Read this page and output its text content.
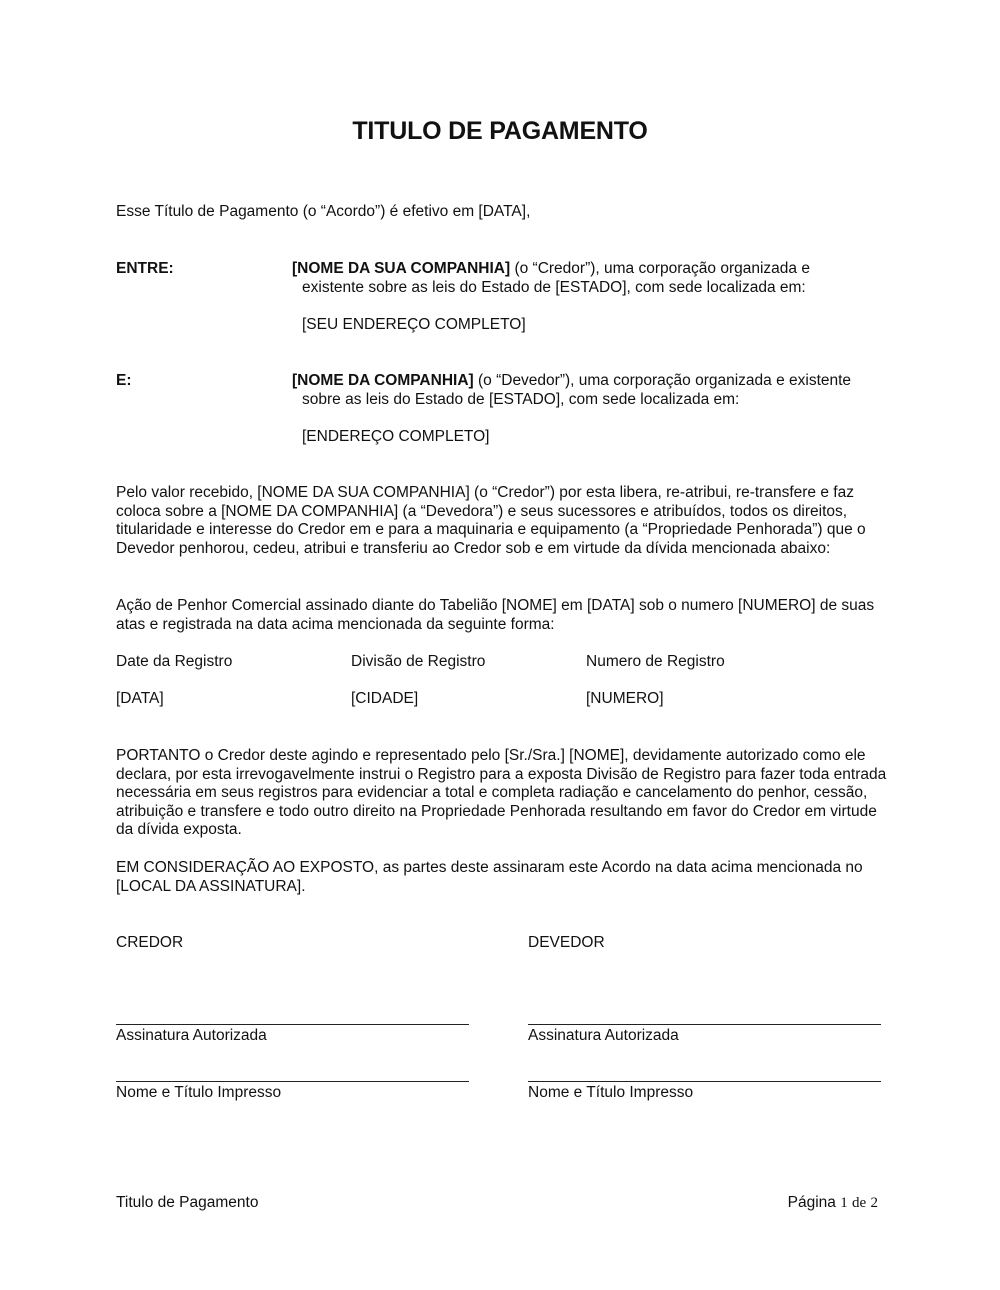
TITULO DE PAGAMENTO
Esse Título de Pagamento (o “Acordo”) é efetivo em [DATA],
ENTRE:	[NOME DA SUA COMPANHIA] (o “Credor”), uma corporação organizada e
existente sobre as leis do Estado de [ESTADO], com sede localizada em:
[SEU ENDEREÇO COMPLETO]
E:	[NOME DA COMPANHIA] (o “Devedor”), uma corporação organizada e existente
sobre as leis do Estado de [ESTADO], com sede localizada em:
[ENDEREÇO COMPLETO]
Pelo valor recebido, [NOME DA SUA COMPANHIA] (o “Credor”) por esta libera, re-atribui, re-transfere e faz coloca sobre a [NOME DA COMPANHIA] (a “Devedora”) e seus sucessores e atribuídos, todos os direitos, titularidade e interesse do Credor em e para a maquinaria e equipamento (a “Propriedade Penhorada”) que o Devedor penhorou, cedeu, atribui e transferiu ao Credor sob e em virtude da dívida mencionada abaixo:
Ação de Penhor Comercial assinado diante do Tabelião [NOME] em [DATA] sob o numero [NUMERO] de suas atas e registrada na data acima mencionada da seguinte forma:
Date da Registro	Divisão de Registro	Numero de Registro
[DATA]	[CIDADE]	[NUMERO]
PORTANTO o Credor deste agindo e representado pelo [Sr./Sra.] [NOME], devidamente autorizado como ele declara, por esta irrevogavelmente instrui o Registro para a exposta Divisão de Registro para fazer toda entrada necessária em seus registros para evidenciar a total e completa radiação e cancelamento do penhor, cessão, atribuição e transfere e todo outro direito na Propriedade Penhorada resultando em favor do Credor em virtude da dívida exposta.
EM CONSIDERAÇÃO AO EXPOSTO, as partes deste assinaram este Acordo na data acima mencionada no [LOCAL DA ASSINATURA].
CREDOR
Assinatura Autorizada
Nome e Título Impresso
DEVEDOR
Assinatura Autorizada
Nome e Título Impresso
Titulo de Pagamento	Página 1 de 2
